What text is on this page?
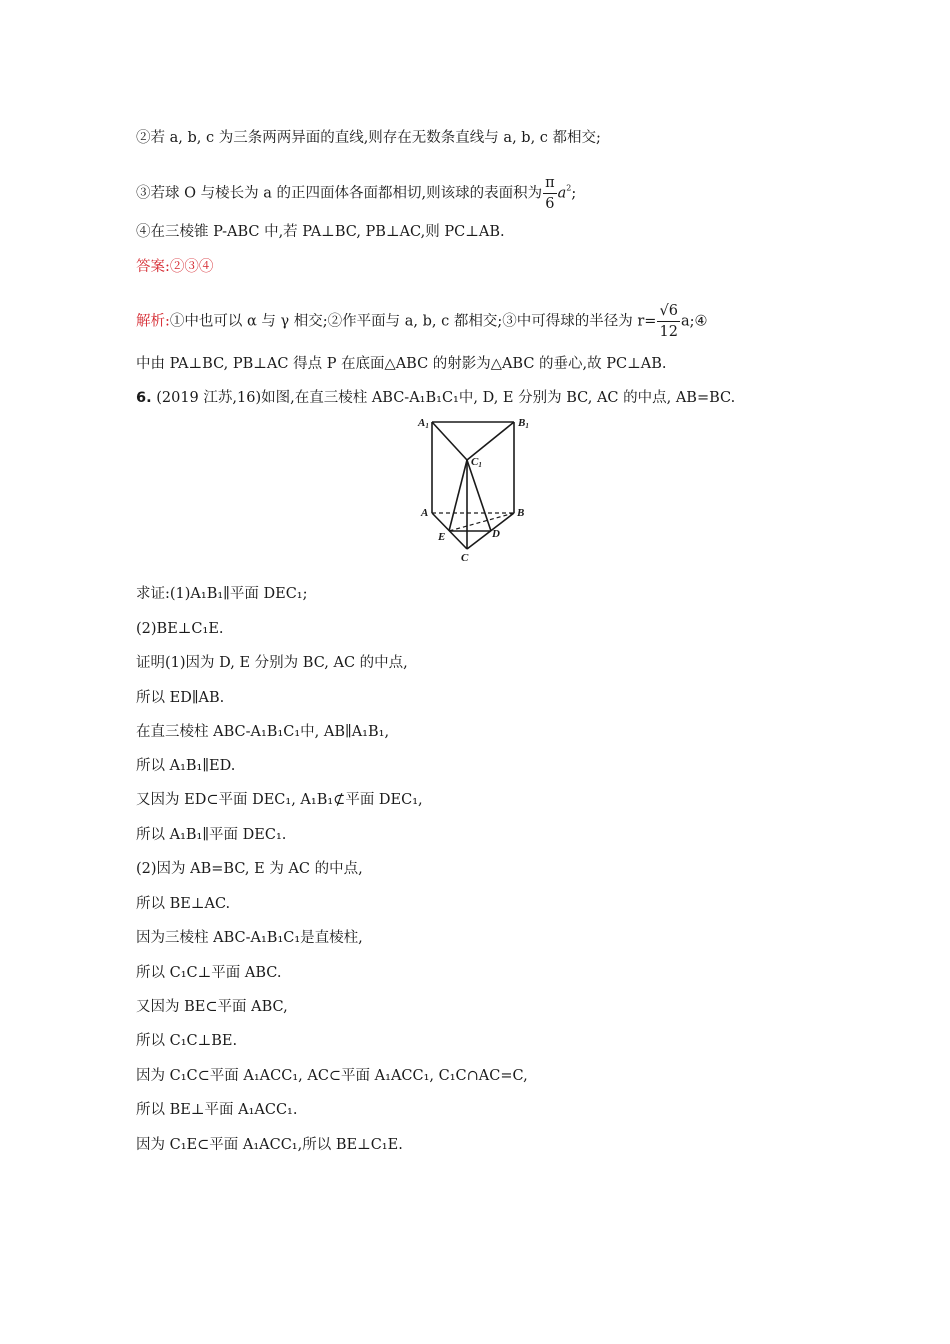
②若 a, b, c 为三条两两异面的直线,则存在无数条直线与 a, b, c 都相交;
③若球 O 与棱长为 a 的正四面体各面都相切,则该球的表面积为 $\frac{\pi}{6} a^2$;
④在三棱锥 P-ABC 中,若 PA⊥BC, PB⊥AC,则 PC⊥AB.
答案:②③④
解析:①中也可以 α 与 γ 相交;②作平面与 a, b, c 都相交;③中可得球的半径为 $r= \frac{√6}{12}$ a;④
中由 PA⊥BC, PB⊥AC 得点 P 在底面△ABC 的射影为△ABC 的垂心,故 PC⊥AB.
6. (2019 江苏,16)如图,在直三棱柱 ABC-A₁B₁C₁中, D, E 分别为 BC, AC 的中点, AB=BC.
A1	B1
C1
A	B
C
D
E
求证:(1)A₁B₁∥平面 DEC₁;
(2)BE⊥C₁E.
证明(1)因为 D, E 分别为 BC, AC 的中点,
所以 ED∥AB.
在直三棱柱 ABC-A₁B₁C₁中, AB∥A₁B₁,
所以 A₁B₁∥ED.
又因为 ED⊂平面 DEC₁, A₁B₁⊄平面 DEC₁,
所以 A₁B₁∥平面 DEC₁.
(2)因为 AB=BC, E 为 AC 的中点,
所以 BE⊥AC.
因为三棱柱 ABC-A₁B₁C₁是直棱柱,
所以 C₁C⊥平面 ABC.
又因为 BE⊂平面 ABC,
所以 C₁C⊥BE.
因为 C₁C⊂平面 A₁ACC₁, AC⊂平面 A₁ACC₁, C₁C∩AC=C,
所以 BE⊥平面 A₁ACC₁.
因为 C₁E⊂平面 A₁ACC₁,所以 BE⊥C₁E.
